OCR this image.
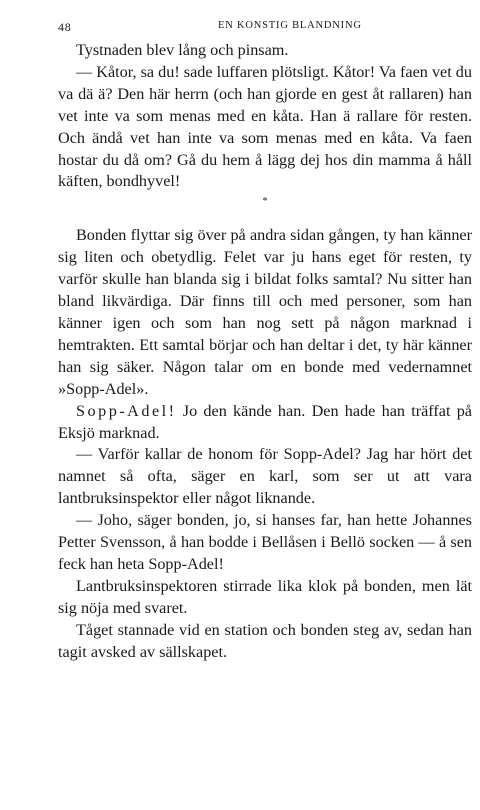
48	EN KONSTIG BLANDNING

Tystnaden blev lång och pinsam.

— Kåtor, sa du! sade luffaren plötsligt. Kåtor! Va faen vet du va dä ä? Den här herrn (och han gjorde en gest åt rallaren) han vet inte va som menas med en kåta. Han ä rallare för resten. Och ändå vet han inte va som menas med en kåta. Va faen hostar du då om? Gå du hem å lägg dej hos din mamma å håll käften, bondhyvel!

*

Bonden flyttar sig över på andra sidan gången, ty han känner sig liten och obetydlig. Felet var ju hans eget för resten, ty varför skulle han blanda sig i bildat folks samtal? Nu sitter han bland likvärdiga. Där finns till och med personer, som han känner igen och som han nog sett på någon marknad i hemtrakten. Ett samtal börjar och han deltar i det, ty här känner han sig säker. Någon talar om en bonde med vedernamnet »Sopp-Adel».

Sopp-Adel! Jo den kände han. Den hade han träffat på Eksjö marknad.

— Varför kallar de honom för Sopp-Adel? Jag har hört det namnet så ofta, säger en karl, som ser ut att vara lantbruksinspektor eller något liknande.

— Joho, säger bonden, jo, si hanses far, han hette Johannes Petter Svensson, å han bodde i Bellåsen i Bellö socken — å sen feck han heta Sopp-Adel!

Lantbruksinspektoren stirrade lika klok på bonden, men lät sig nöja med svaret.

Tåget stannade vid en station och bonden steg av, sedan han tagit avsked av sällskapet.
